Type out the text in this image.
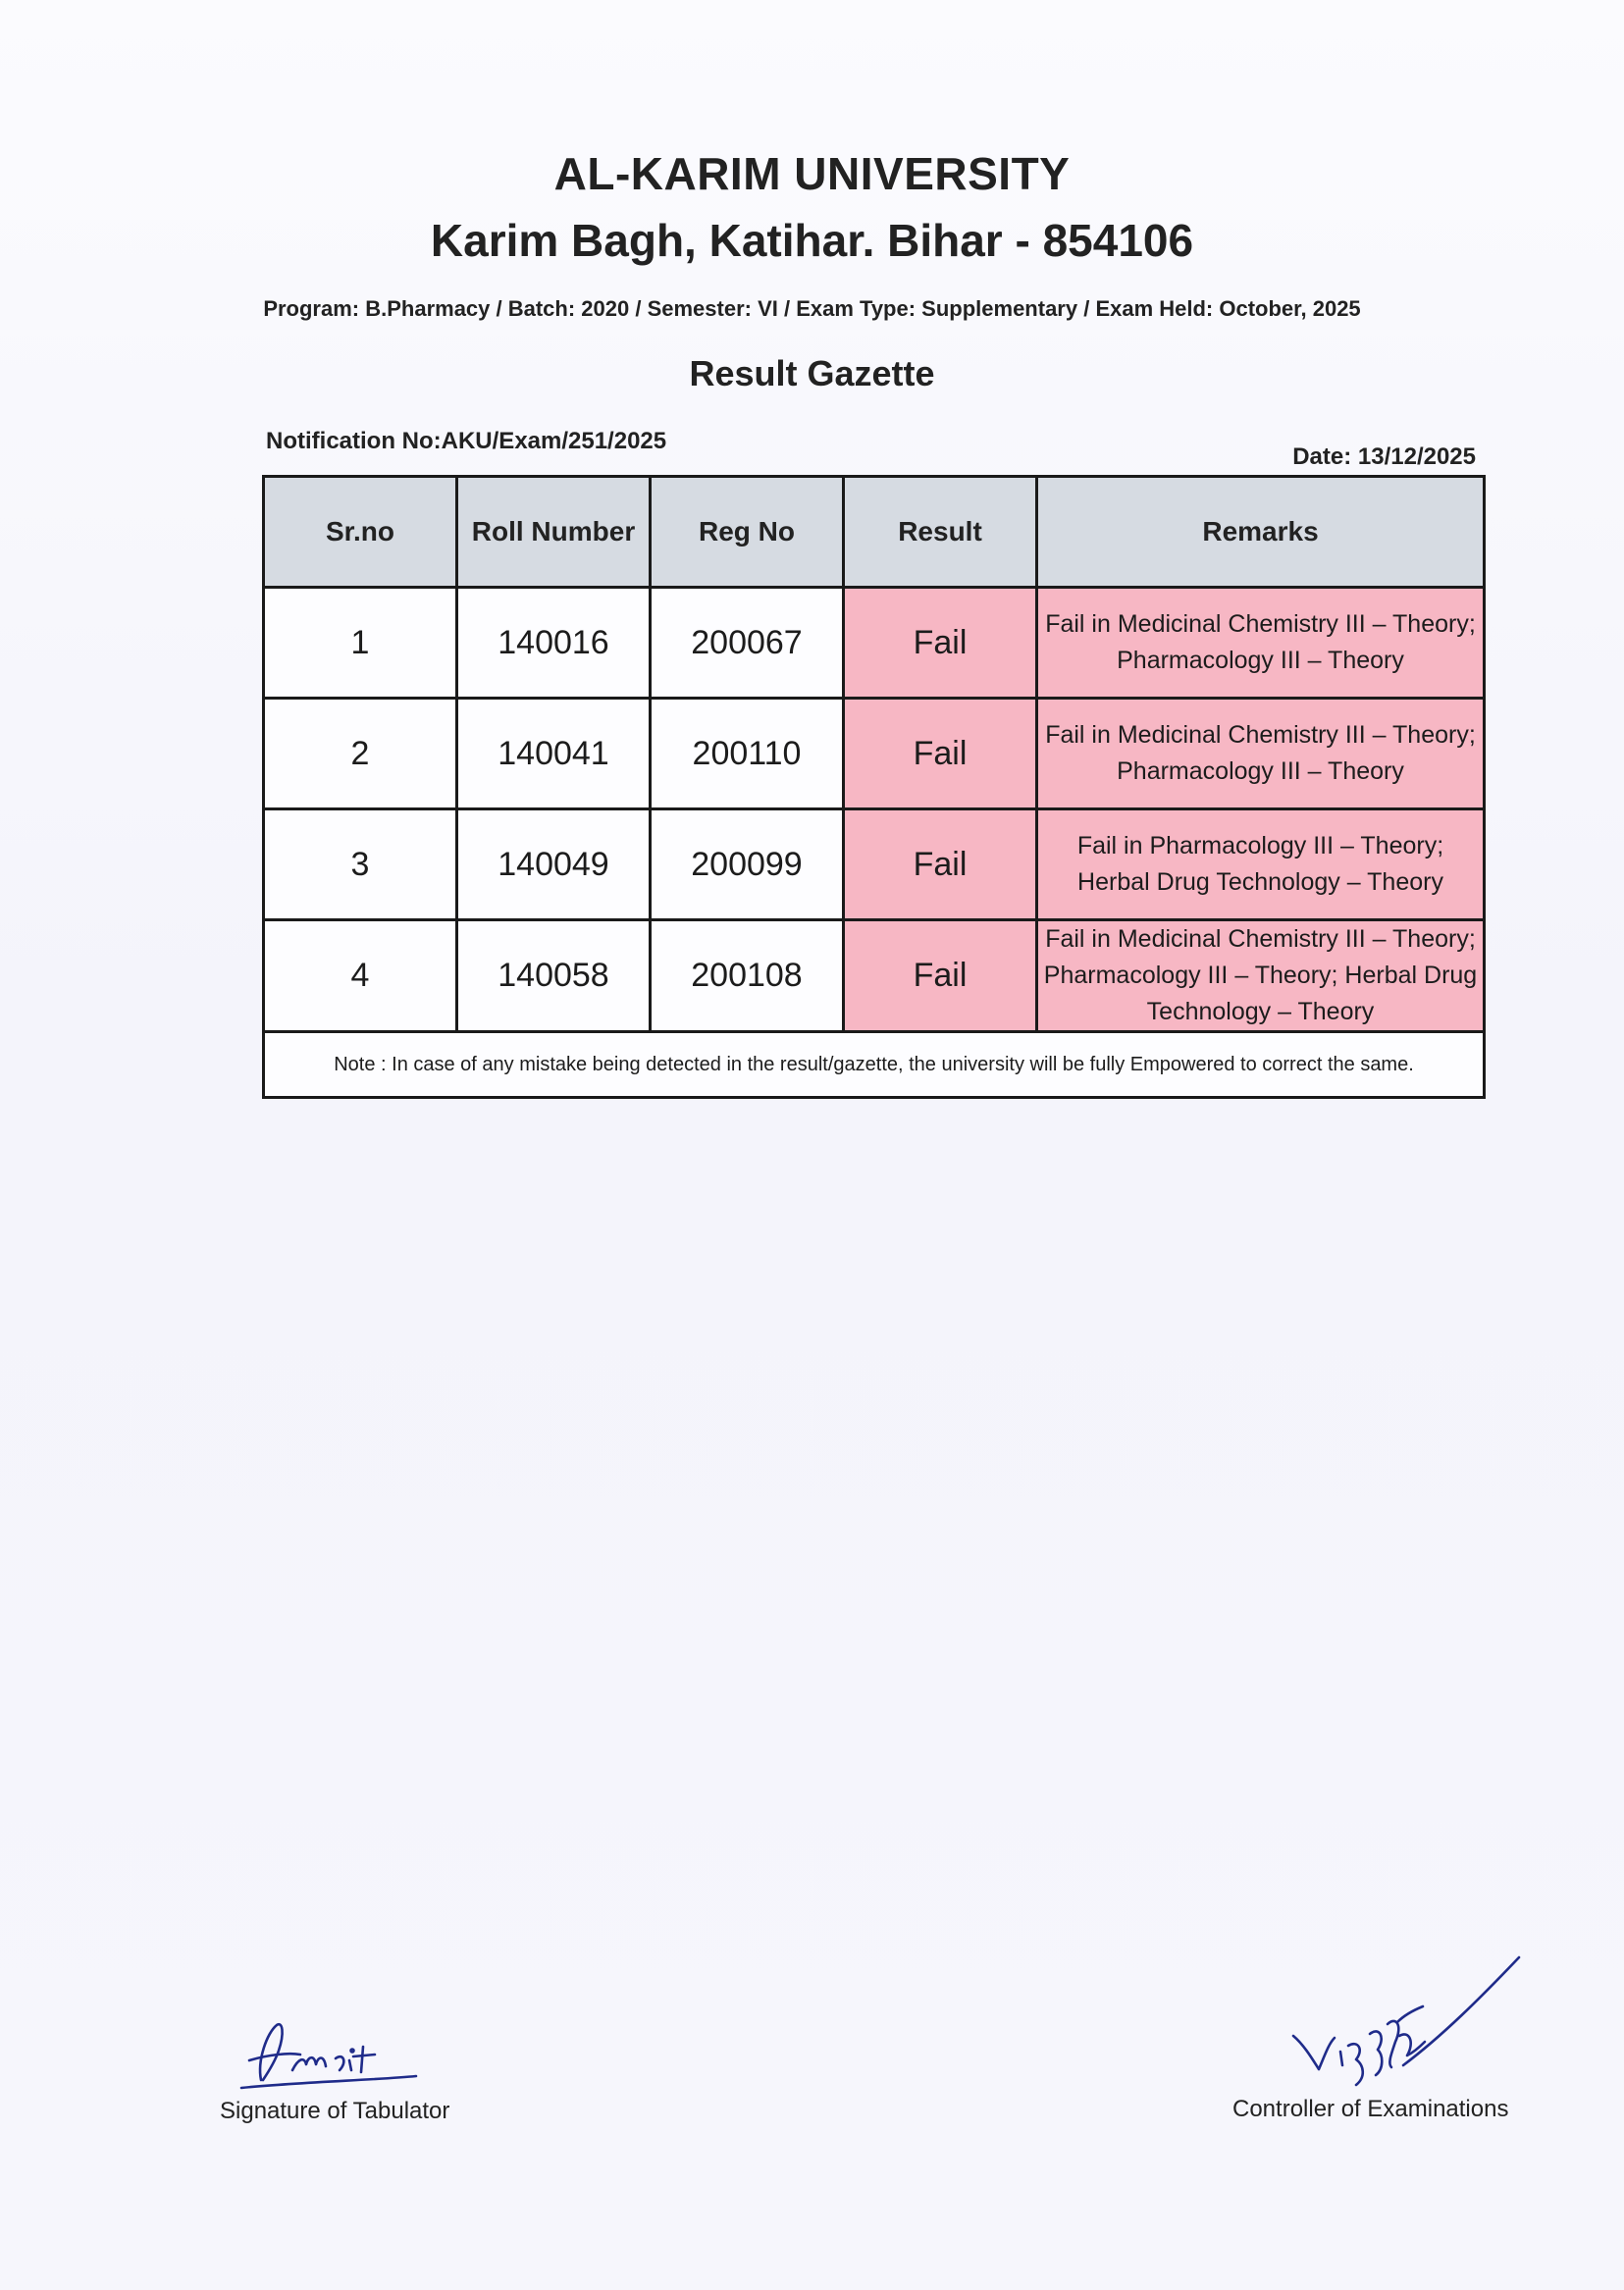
AL-KARIM UNIVERSITY
Karim Bagh, Katihar. Bihar - 854106
Program: B.Pharmacy / Batch: 2020 / Semester: VI / Exam Type: Supplementary / Exam Held: October, 2025
Result Gazette
Notification No:AKU/Exam/251/2025
Date: 13/12/2025
Sr.no	Roll Number	Reg No	Result	Remarks
1	140016	200067	Fail	Fail in Medicinal Chemistry III – Theory; Pharmacology III – Theory
2	140041	200110	Fail	Fail in Medicinal Chemistry III – Theory; Pharmacology III – Theory
3	140049	200099	Fail	Fail in Pharmacology III – Theory; Herbal Drug Technology – Theory
4	140058	200108	Fail	Fail in Medicinal Chemistry III – Theory; Pharmacology III – Theory; Herbal Drug Technology – Theory
Note : In case of any mistake being detected in the result/gazette, the university will be fully Empowered to correct the same.				
Signature of Tabulator	Controller of Examinations
